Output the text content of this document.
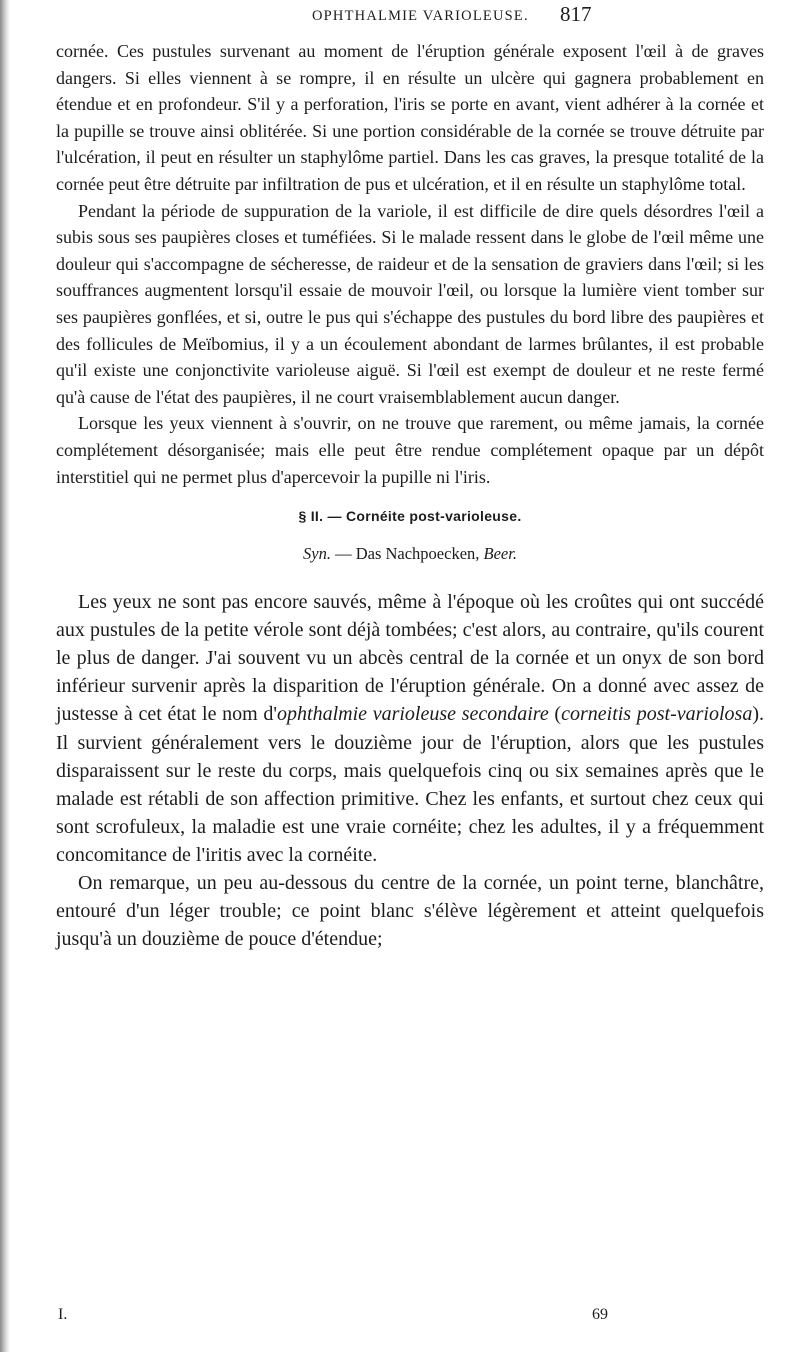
OPHTHALMIE VARIOLEUSE. 817

cornée. Ces pustules survenant au moment de l'éruption générale exposent l'œil à de graves dangers. Si elles viennent à se rompre, il en résulte un ulcère qui gagnera probablement en étendue et en profondeur. S'il y a perforation, l'iris se porte en avant, vient adhérer à la cornée et la pupille se trouve ainsi oblitérée. Si une portion considérable de la cornée se trouve détruite par l'ulcération, il peut en résulter un staphylôme partiel. Dans les cas graves, la presque totalité de la cornée peut être détruite par infiltration de pus et ulcération, et il en résulte un staphylôme total.

Pendant la période de suppuration de la variole, il est difficile de dire quels désordres l'œil a subis sous ses paupières closes et tuméfiées. Si le malade ressent dans le globe de l'œil même une douleur qui s'accompagne de sécheresse, de raideur et de la sensation de graviers dans l'œil; si les souffrances augmentent lorsqu'il essaie de mouvoir l'œil, ou lorsque la lumière vient tomber sur ses paupières gonflées, et si, outre le pus qui s'échappe des pustules du bord libre des paupières et des follicules de Meïbomius, il y a un écoulement abondant de larmes brûlantes, il est probable qu'il existe une conjonctivite varioleuse aiguë. Si l'œil est exempt de douleur et ne reste fermé qu'à cause de l'état des paupières, il ne court vraisemblablement aucun danger.

Lorsque les yeux viennent à s'ouvrir, on ne trouve que rarement, ou même jamais, la cornée complétement désorganisée; mais elle peut être rendue complétement opaque par un dépôt interstitiel qui ne permet plus d'apercevoir la pupille ni l'iris.

§ II. — Cornéite post-varioleuse.
Syn. — Das Nachpoecken, Beer.

Les yeux ne sont pas encore sauvés, même à l'époque où les croûtes qui ont succédé aux pustules de la petite vérole sont déjà tombées; c'est alors, au contraire, qu'ils courent le plus de danger. J'ai souvent vu un abcès central de la cornée et un onyx de son bord inférieur survenir après la disparition de l'éruption générale. On a donné avec assez de justesse à cet état le nom d'ophthalmie varioleuse secondaire (corneitis post-variolosa). Il survient généralement vers le douzième jour de l'éruption, alors que les pustules disparaissent sur le reste du corps, mais quelquefois cinq ou six semaines après que le malade est rétabli de son affection primitive. Chez les enfants, et surtout chez ceux qui sont scrofuleux, la maladie est une vraie cornéite; chez les adultes, il y a fréquemment concomitance de l'iritis avec la cornéite.

On remarque, un peu au-dessous du centre de la cornée, un point terne, blanchâtre, entouré d'un léger trouble; ce point blanc s'élève légèrement et atteint quelquefois jusqu'à un douzième de pouce d'étendue;

I.	69
